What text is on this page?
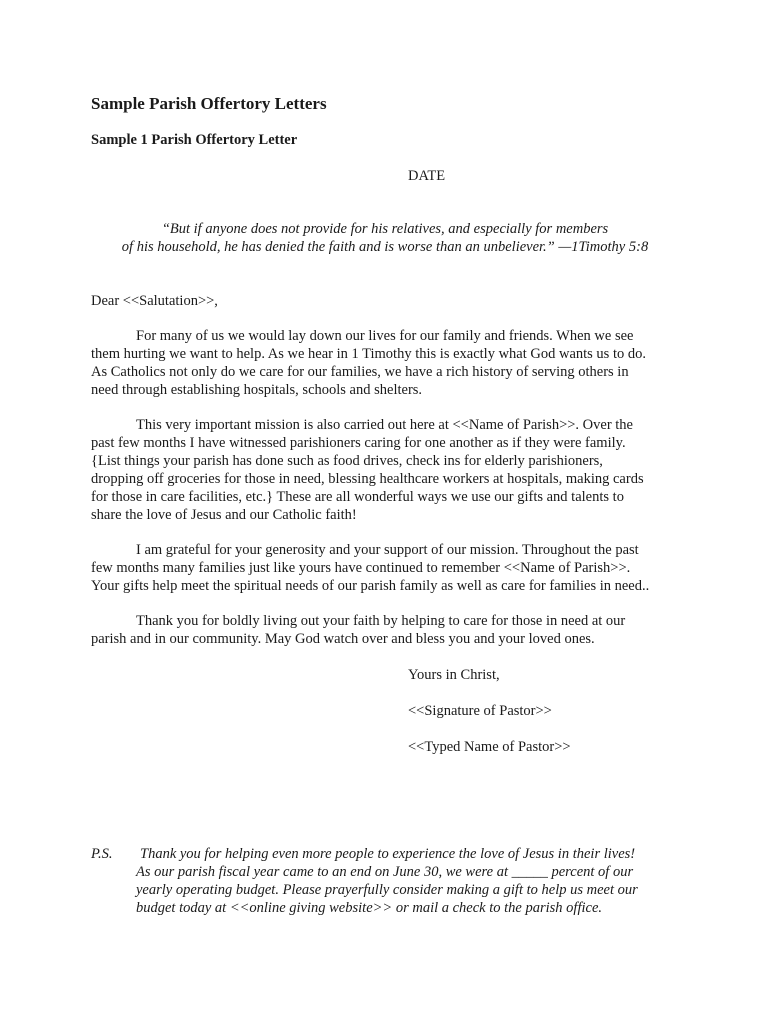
Sample Parish Offertory Letters
Sample 1 Parish Offertory Letter
DATE
“But if anyone does not provide for his relatives, and especially for members
of his household, he has denied the faith and is worse than an unbeliever.” —1Timothy 5:8
Dear <<Salutation>>,
For many of us we would lay down our lives for our family and friends. When we see
them hurting we want to help. As we hear in 1 Timothy this is exactly what God wants us to do.
As Catholics not only do we care for our families, we have a rich history of serving others in
need through establishing hospitals, schools and shelters.
This very important mission is also carried out here at <<Name of Parish>>. Over the
past few months I have witnessed parishioners caring for one another as if they were family.
{List things your parish has done such as food drives, check ins for elderly parishioners,
dropping off groceries for those in need, blessing healthcare workers at hospitals, making cards
for those in care facilities, etc.} These are all wonderful ways we use our gifts and talents to
share the love of Jesus and our Catholic faith!
I am grateful for your generosity and your support of our mission. Throughout the past
few months many families just like yours have continued to remember <<Name of Parish>>.
Your gifts help meet the spiritual needs of our parish family as well as care for families in need..
Thank you for boldly living out your faith by helping to care for those in need at our
parish and in our community. May God watch over and bless you and your loved ones.
Yours in Christ,
<<Signature of Pastor>>
<<Typed Name of Pastor>>
P.S. Thank you for helping even more people to experience the love of Jesus in their lives!
As our parish fiscal year came to an end on June 30, we were at _____ percent of our
yearly operating budget. Please prayerfully consider making a gift to help us meet our
budget today at <<online giving website>> or mail a check to the parish office.
